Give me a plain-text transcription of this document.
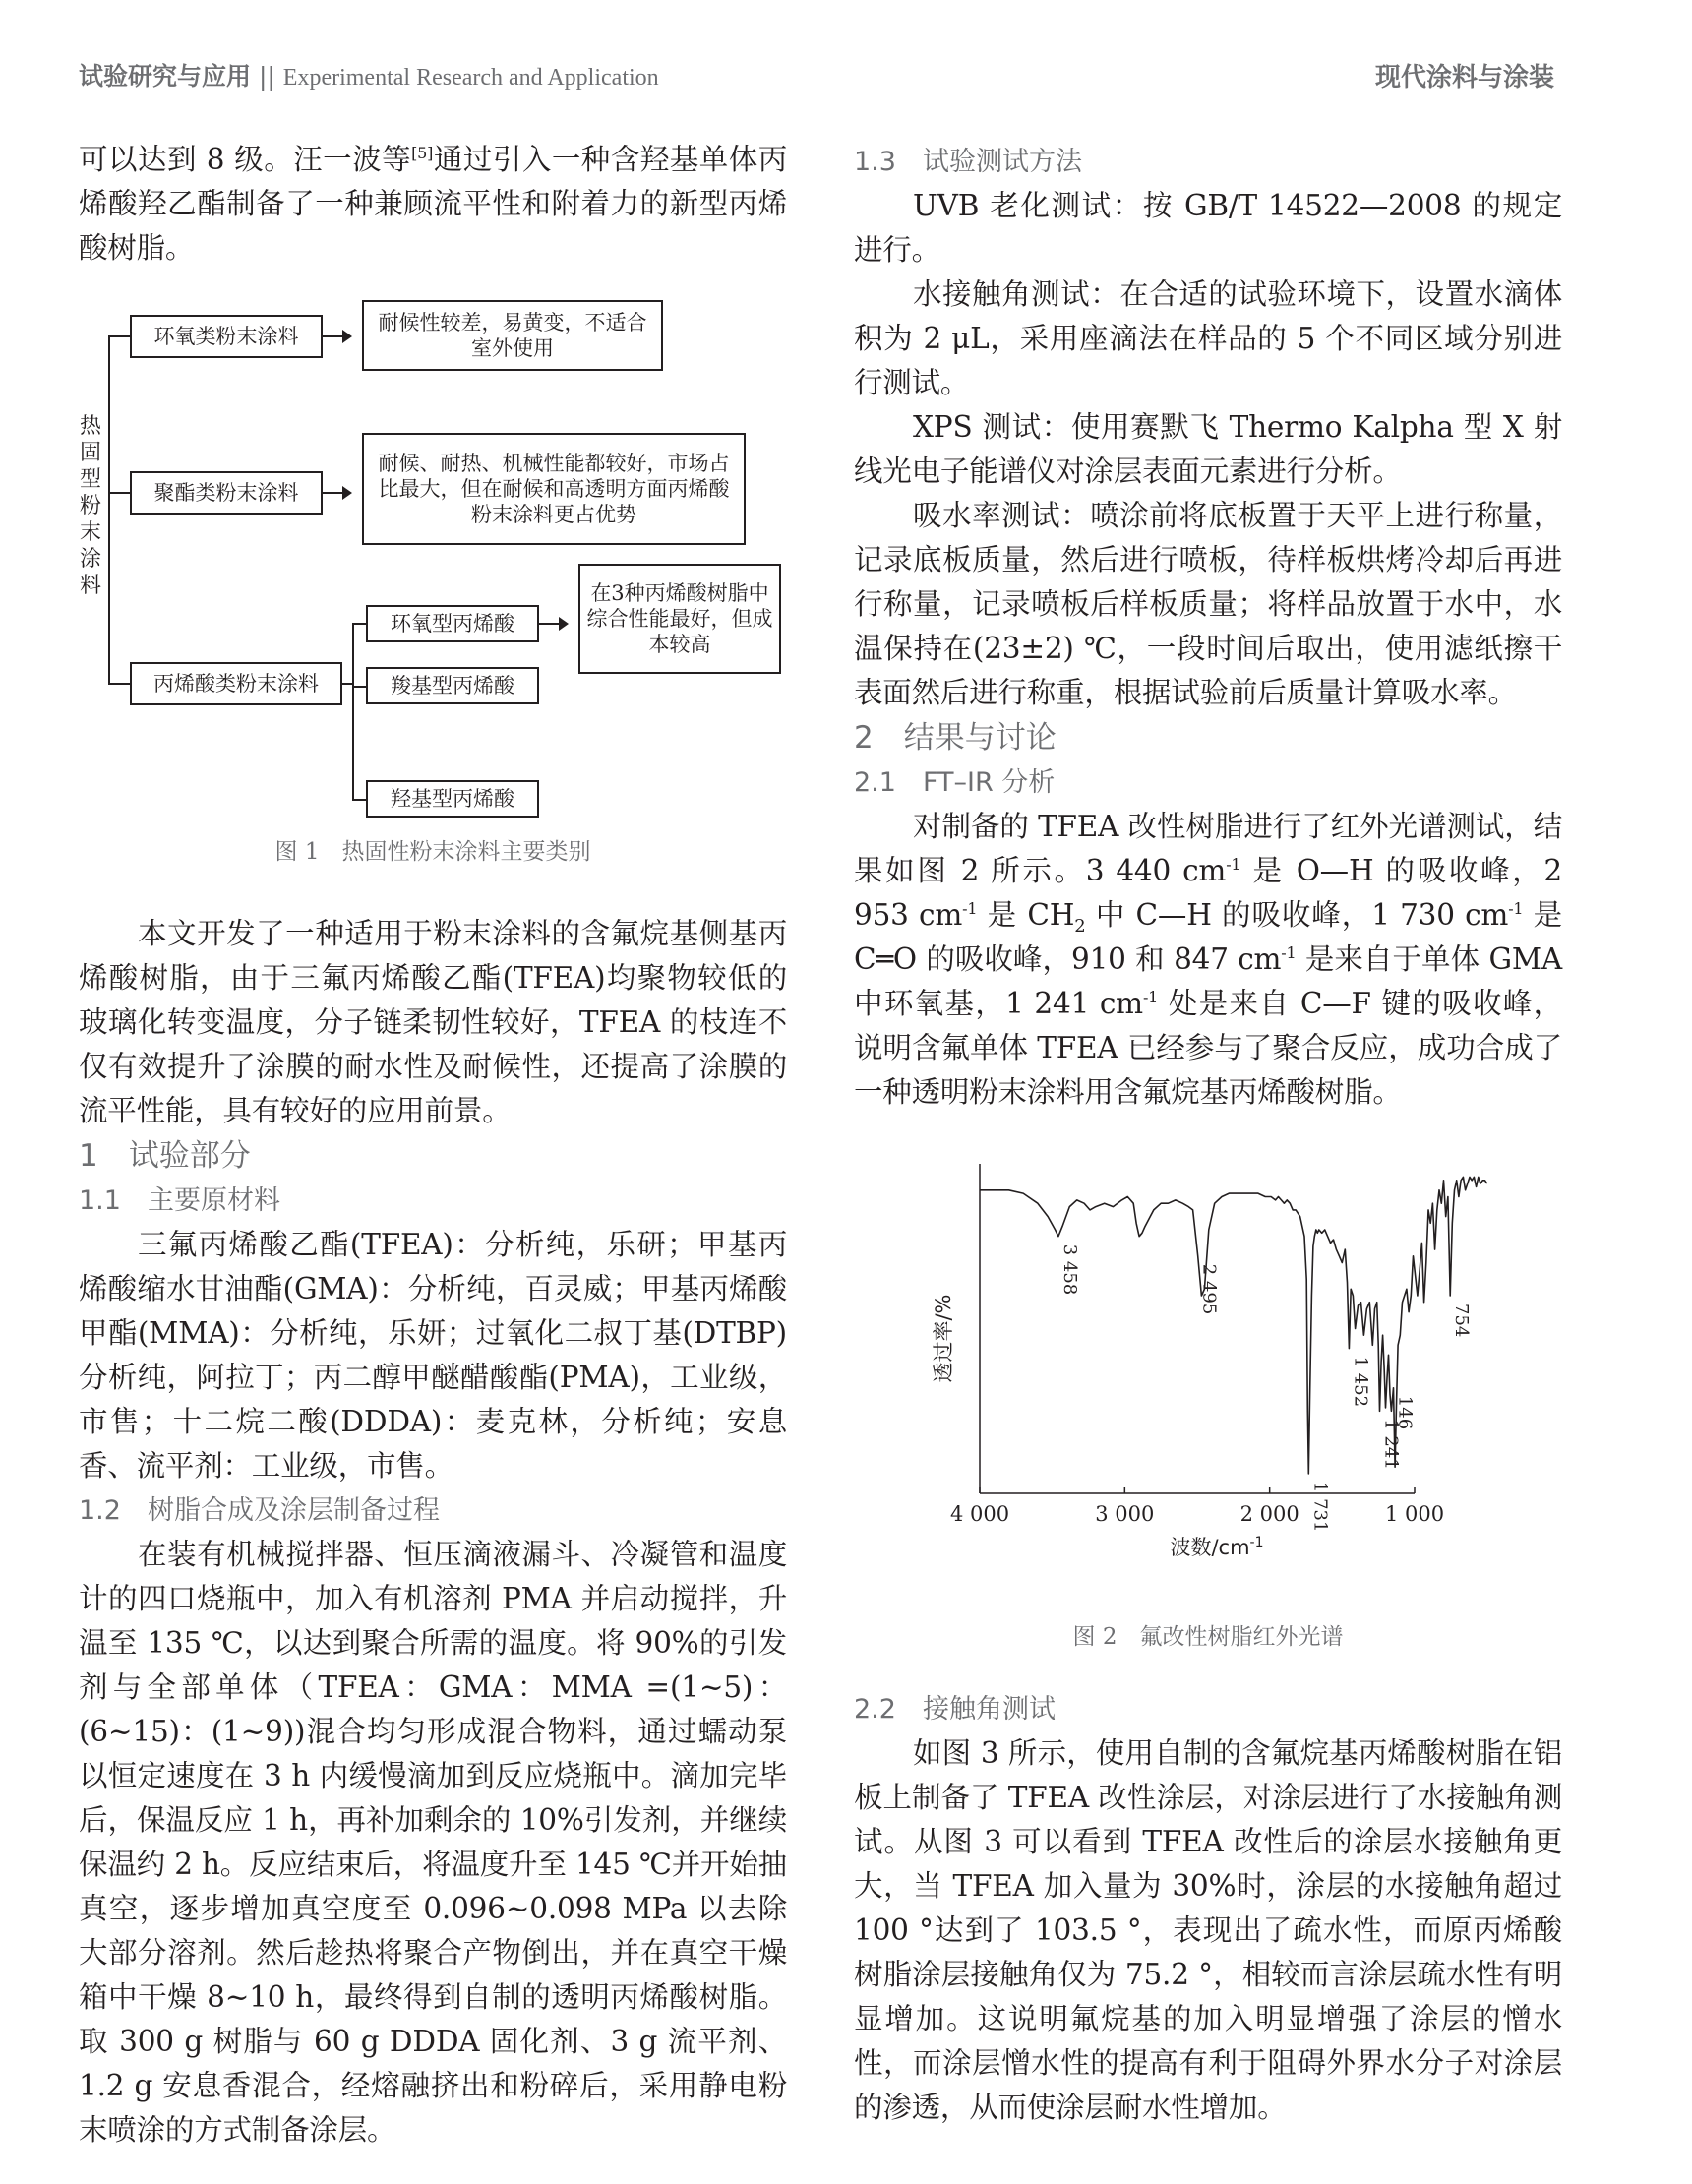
试验研究与应用 || Experimental Research and Application	现代涂料与涂装

可以达到 8 级。汪一波等[5]通过引入一种含羟基单体丙烯酸羟乙酯制备了一种兼顾流平性和附着力的新型丙烯酸树脂。

热固型粉末涂料
环氧类粉末涂料
聚酯类粉末涂料
丙烯酸类粉末涂料
耐候性较差，易黄变，不适合室外使用
耐候、耐热、机械性能都较好，市场占比最大，但在耐候和高透明方面丙烯酸粉末涂料更占优势
环氧型丙烯酸
羧基型丙烯酸
羟基型丙烯酸
在3种丙烯酸树脂中综合性能最好，但成本较高
图 1　热固性粉末涂料主要类别

本文开发了一种适用于粉末涂料的含氟烷基侧基丙烯酸树脂，由于三氟丙烯酸乙酯(TFEA)均聚物较低的玻璃化转变温度，分子链柔韧性较好，TFEA 的枝连不仅有效提升了涂膜的耐水性及耐候性，还提高了涂膜的流平性能，具有较好的应用前景。

1　试验部分
1.1　主要原材料

三氟丙烯酸乙酯(TFEA)：分析纯，乐研；甲基丙烯酸缩水甘油酯(GMA)：分析纯，百灵威；甲基丙烯酸甲酯(MMA)：分析纯，乐妍；过氧化二叔丁基(DTBP)分析纯，阿拉丁；丙二醇甲醚醋酸酯(PMA)，工业级，市售；十二烷二酸(DDDA)：麦克林，分析纯；安息香、流平剂：工业级，市售。

1.2　树脂合成及涂层制备过程

在装有机械搅拌器、恒压滴液漏斗、冷凝管和温度计的四口烧瓶中，加入有机溶剂 PMA 并启动搅拌，升温至 135 ℃，以达到聚合所需的温度。将 90%的引发剂与全部单体（TFEA：GMA：MMA =(1~5)：(6~15)：(1~9))混合均匀形成混合物料，通过蠕动泵以恒定速度在 3 h 内缓慢滴加到反应烧瓶中。滴加完毕后，保温反应 1 h，再补加剩余的 10%引发剂，并继续保温约 2 h。反应结束后，将温度升至 145 ℃并开始抽真空，逐步增加真空度至 0.096~0.098 MPa 以去除大部分溶剂。然后趁热将聚合产物倒出，并在真空干燥箱中干燥 8~10 h，最终得到自制的透明丙烯酸树脂。取 300 g 树脂与 60 g DDDA 固化剂、3 g 流平剂、1.2 g 安息香混合，经熔融挤出和粉碎后，采用静电粉末喷涂的方式制备涂层。

1.3　试验测试方法

UVB 老化测试：按 GB/T 14522—2008 的规定进行。

水接触角测试：在合适的试验环境下，设置水滴体积为 2 μL，采用座滴法在样品的 5 个不同区域分别进行测试。

XPS 测试：使用赛默飞 Thermo Kalpha 型 X 射线光电子能谱仪对涂层表面元素进行分析。

吸水率测试：喷涂前将底板置于天平上进行称量，记录底板质量，然后进行喷板，待样板烘烤冷却后再进行称量，记录喷板后样板质量；将样品放置于水中，水温保持在(23±2) ℃，一段时间后取出，使用滤纸擦干表面然后进行称重，根据试验前后质量计算吸水率。

2　结果与讨论
2.1　FT–IR 分析

对制备的 TFEA 改性树脂进行了红外光谱测试，结果如图 2 所示。3 440 $cm^{-1}$ 是 O—H 的吸收峰，2 953 $cm^{-1}$ 是 $CH_2$ 中 C—H 的吸收峰，1 730 $cm^{-1}$ 是 C═O 的吸收峰，910 和 847 $cm^{-1}$ 是来自于单体 GMA 中环氧基，1 241 $cm^{-1}$ 处是来自 C—F 键的吸收峰，说明含氟单体 TFEA 已经参与了聚合反应，成功合成了一种透明粉末涂料用含氟烷基丙烯酸树脂。

4 000	3 000	2 000	1 000
波数$/cm^{-1}$
透过率/%
3 458	2 495
1 731
1 452
1 241
146
754
图 2　氟改性树脂红外光谱
2.2　接触角测试

如图 3 所示，使用自制的含氟烷基丙烯酸树脂在铝板上制备了 TFEA 改性涂层，对涂层进行了水接触角测试。从图 3 可以看到 TFEA 改性后的涂层水接触角更大，当 TFEA 加入量为 30%时，涂层的水接触角超过 100 °达到了 103.5 °，表现出了疏水性，而原丙烯酸树脂涂层接触角仅为 75.2 °，相较而言涂层疏水性有明显增加。这说明氟烷基的加入明显增强了涂层的憎水性，而涂层憎水性的提高有利于阻碍外界水分子对涂层的渗透，从而使涂层耐水性增加。
